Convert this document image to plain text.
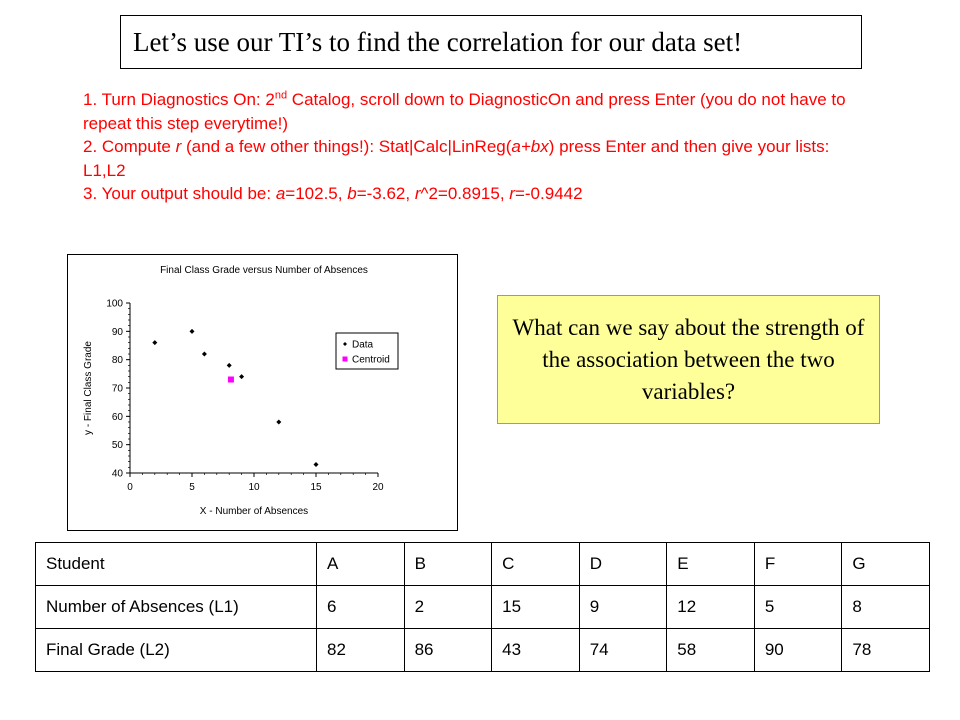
Let’s use our TI’s to find the correlation for our data set!

1. Turn Diagnostics On: 2nd Catalog, scroll down to DiagnosticOn and press Enter (you do not have to repeat this step everytime!)

2. Compute r (and a few other things!): Stat|Calc|LinReg(a+bx) press Enter and then give your lists: L1,L2

3. Your output should be: a=102.5, b=-3.62, r^2=0.8915, r=-0.9442

Final Class Grade versus Number of Absences
40
50
60
70
80
90
100
0	5	10	15	20
X - Number of Absences
y - Final Class Grade	Data
Centroid
What can we say about the strength of the association between the two variables?
Student	A	B	C	D	E	F	G
Number of Absences (L1)	6	2	15	9	12	5	8
Final Grade (L2)	82	86	43	74	58	90	78
